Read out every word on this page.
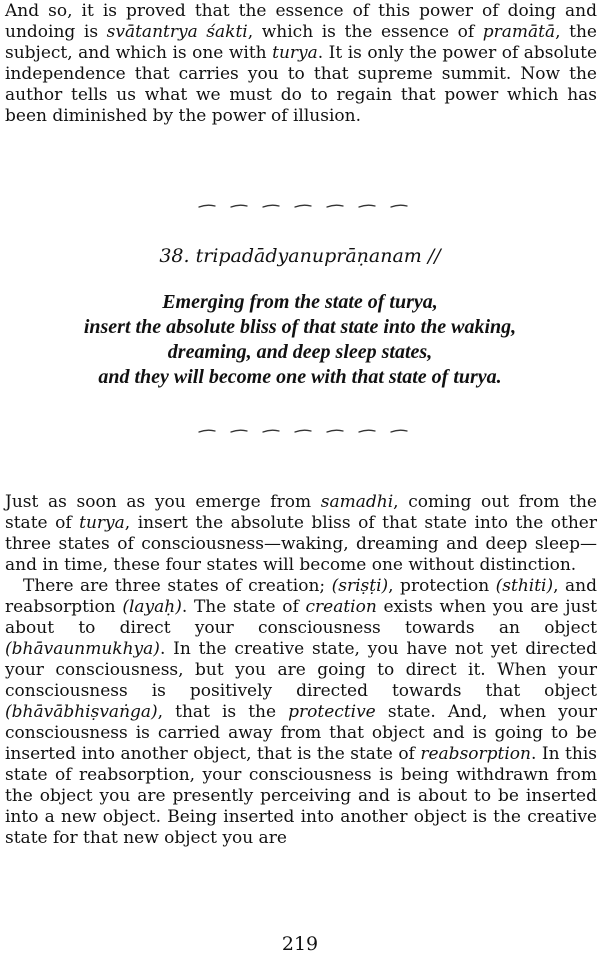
And so, it is proved that the essence of this power of doing and undoing is svātantrya śakti, which is the essence of pramātā, the subject, and which is one with turya. It is only the power of absolute independence that carries you to that supreme summit. Now the author tells us what we must do to regain that power which has been diminished by the power of illusion.

38. tripadādyanuprāṇanam //

Emerging from the state of turya,
insert the absolute bliss of that state into the waking,
dreaming, and deep sleep states,
and they will become one with that state of turya.

Just as soon as you emerge from samadhi, coming out from the state of turya, insert the absolute bliss of that state into the other three states of consciousness—waking, dreaming and deep sleep—and in time, these four states will become one without distinction.

There are three states of creation; (sriṣṭi), protection (sthiti), and reabsorption (layaḥ). The state of creation exists when you are just about to direct your consciousness towards an object (bhāvaunmukhya). In the creative state, you have not yet directed your consciousness, but you are going to direct it. When your consciousness is positively directed towards that object (bhāvābhiṣvaṅga), that is the protective state. And, when your consciousness is carried away from that object and is going to be inserted into another object, that is the state of reabsorption. In this state of reabsorption, your consciousness is being withdrawn from the object you are presently perceiving and is about to be inserted into a new object. Being inserted into another object is the creative state for that new object you are

219
